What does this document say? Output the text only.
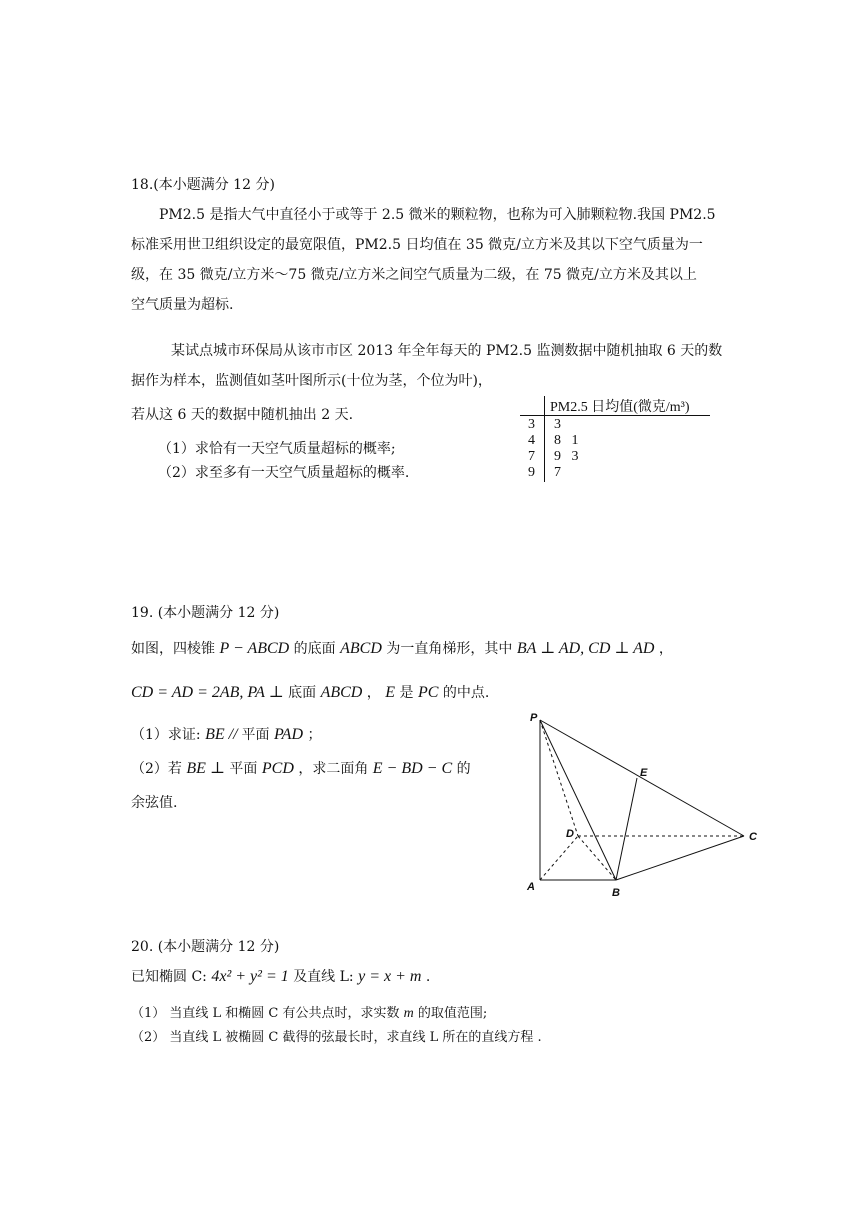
18.(本小题满分 12 分)
PM2.5 是指大气中直径小于或等于 2.5 微米的颗粒物，也称为可入肺颗粒物.我国 PM2.5
标准采用世卫组织设定的最宽限值，PM2.5 日均值在 35 微克/立方米及其以下空气质量为一
级，在 35 微克/立方米～75 微克/立方米之间空气质量为二级，在 75 微克/立方米及其以上
空气质量为超标.
某试点城市环保局从该市市区 2013 年全年每天的 PM2.5 监测数据中随机抽取 6 天的数
据作为样本，监测值如茎叶图所示(十位为茎，个位为叶)，
若从这 6 天的数据中随机抽出 2 天.
（1）求恰有一天空气质量超标的概率;
（2）求至多有一天空气质量超标的概率.
PM2.5 日均值(微克/m³)
3 3
4 8   1
7 9   3
9 7
19. (本小题满分 12 分)
如图，四棱锥 P − ABCD 的底面 ABCD 为一直角梯形，其中 BA ⊥ AD, CD ⊥ AD ，
CD = AD = 2AB, PA ⊥ 底面 ABCD ， E 是 PC 的中点.
（1）求证: BE // 平面 PAD ；
（2）若 BE ⊥ 平面 PCD ，求二面角 E − BD − C 的
余弦值.
P
E
D	C
A	B
20. (本小题满分 12 分)
已知椭圆 C: 4x² + y² = 1 及直线 L: y = x + m .
（1） 当直线 L 和椭圆 C 有公共点时，求实数 m 的取值范围;
（2） 当直线 L 被椭圆 C 截得的弦最长时，求直线 L 所在的直线方程 .
